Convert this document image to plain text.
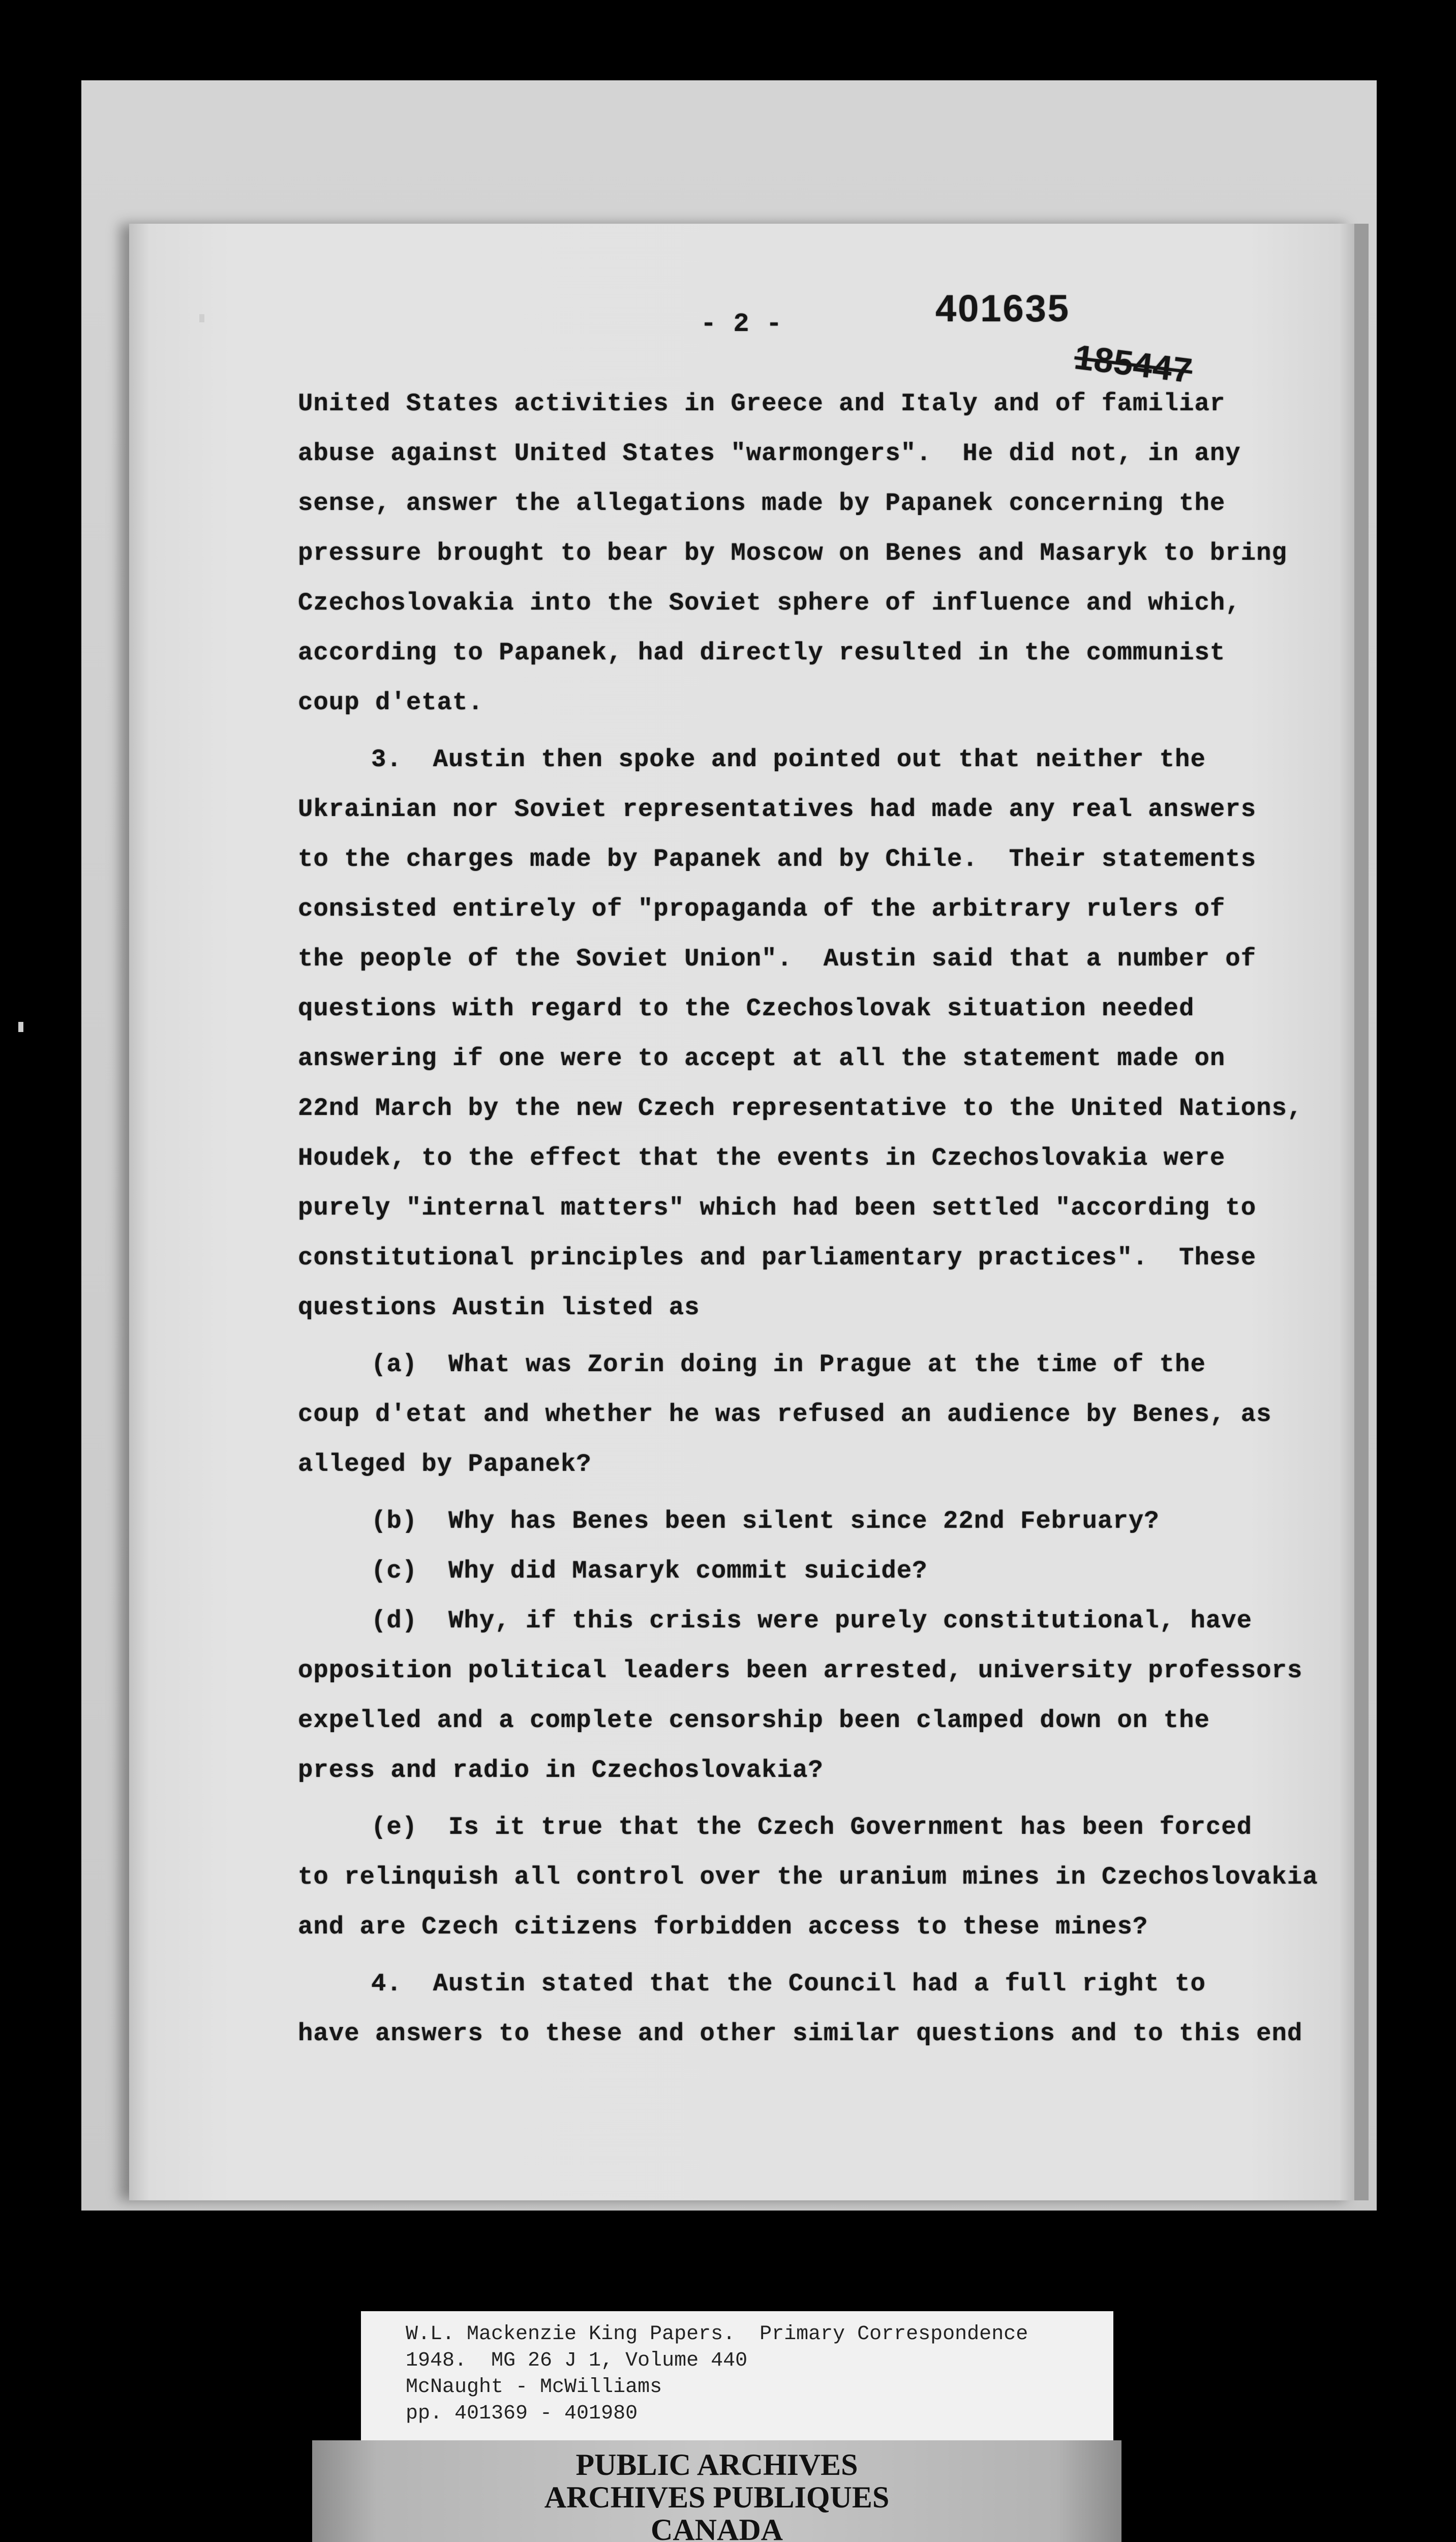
- 2 -	401635
185447
United States activities in Greece and Italy and of familiar
abuse against United States "warmongers".  He did not, in any
sense, answer the allegations made by Papanek concerning the
pressure brought to bear by Moscow on Benes and Masaryk to bring
Czechoslovakia into the Soviet sphere of influence and which,
according to Papanek, had directly resulted in the communist
coup d'etat.
3.  Austin then spoke and pointed out that neither the
Ukrainian nor Soviet representatives had made any real answers
to the charges made by Papanek and by Chile.  Their statements
consisted entirely of "propaganda of the arbitrary rulers of
the people of the Soviet Union".  Austin said that a number of
questions with regard to the Czechoslovak situation needed
answering if one were to accept at all the statement made on
22nd March by the new Czech representative to the United Nations,
Houdek, to the effect that the events in Czechoslovakia were
purely "internal matters" which had been settled "according to
constitutional principles and parliamentary practices".  These
questions Austin listed as
(a)  What was Zorin doing in Prague at the time of the
coup d'etat and whether he was refused an audience by Benes, as
alleged by Papanek?
(b)  Why has Benes been silent since 22nd February?
(c)  Why did Masaryk commit suicide?
(d)  Why, if this crisis were purely constitutional, have
opposition political leaders been arrested, university professors
expelled and a complete censorship been clamped down on the
press and radio in Czechoslovakia?
(e)  Is it true that the Czech Government has been forced
to relinquish all control over the uranium mines in Czechoslovakia
and are Czech citizens forbidden access to these mines?
4.  Austin stated that the Council had a full right to
have answers to these and other similar questions and to this end
W.L. Mackenzie King Papers.  Primary Correspondence
1948.  MG 26 J 1, Volume 440
McNaught - McWilliams
pp. 401369 - 401980
PUBLIC ARCHIVES
ARCHIVES PUBLIQUES
CANADA
